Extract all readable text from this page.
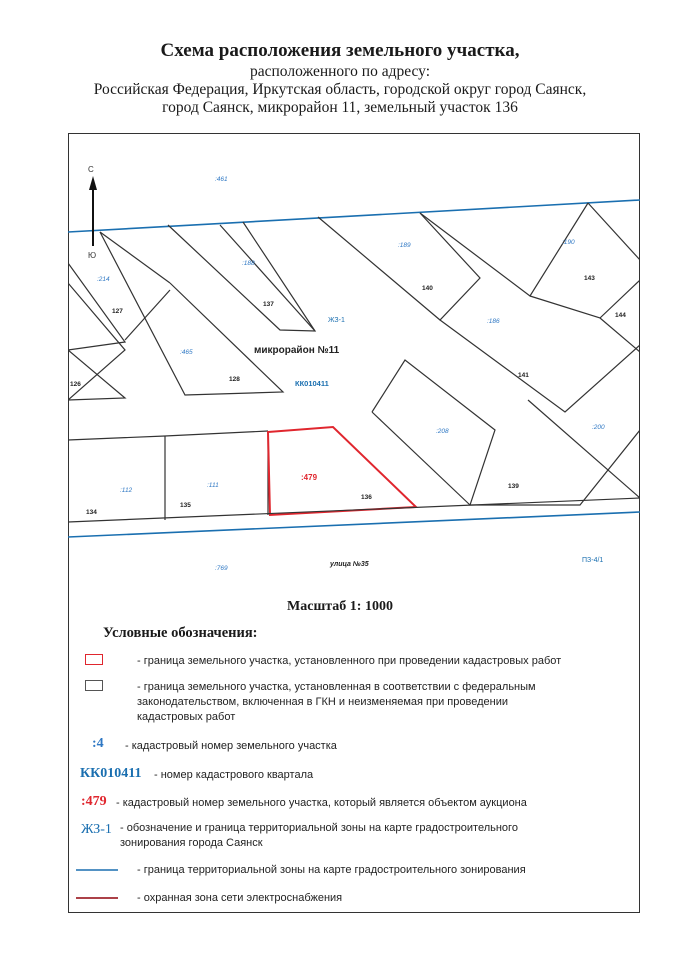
Схема расположения земельного участка,
расположенного по адресу:
Российская Федерация, Иркутская область, городской округ город Саянск,
город Саянск, микрорайон 11, земельный участок 136
С
Ю
:461
:214
:188
:189	:190
:465
:186
:208
:200
:112
:111
:769
127
137
140
143
144
126
128
141
139
134
135
136
:479
микрорайон №11
КК010411
ЖЗ-1
ПЗ-4/1
улица №35
Масштаб 1: 1000
Условные обозначения:
- граница земельного участка, установленного при проведении кадастровых работ
- граница земельного участка, установленная в соответствии с федеральным законодательством, включенная в ГКН и неизменяемая при проведении кадастровых работ
:4 - кадастровый номер земельного участка
КК010411 - номер кадастрового квартала
:479 - кадастровый номер земельного участка, который является объектом аукциона
ЖЗ-1 - обозначение и граница территориальной зоны на карте градостроительного зонирования города Саянск
- граница территориальной зоны на карте градостроительного зонирования
- охранная зона сети электроснабжения
